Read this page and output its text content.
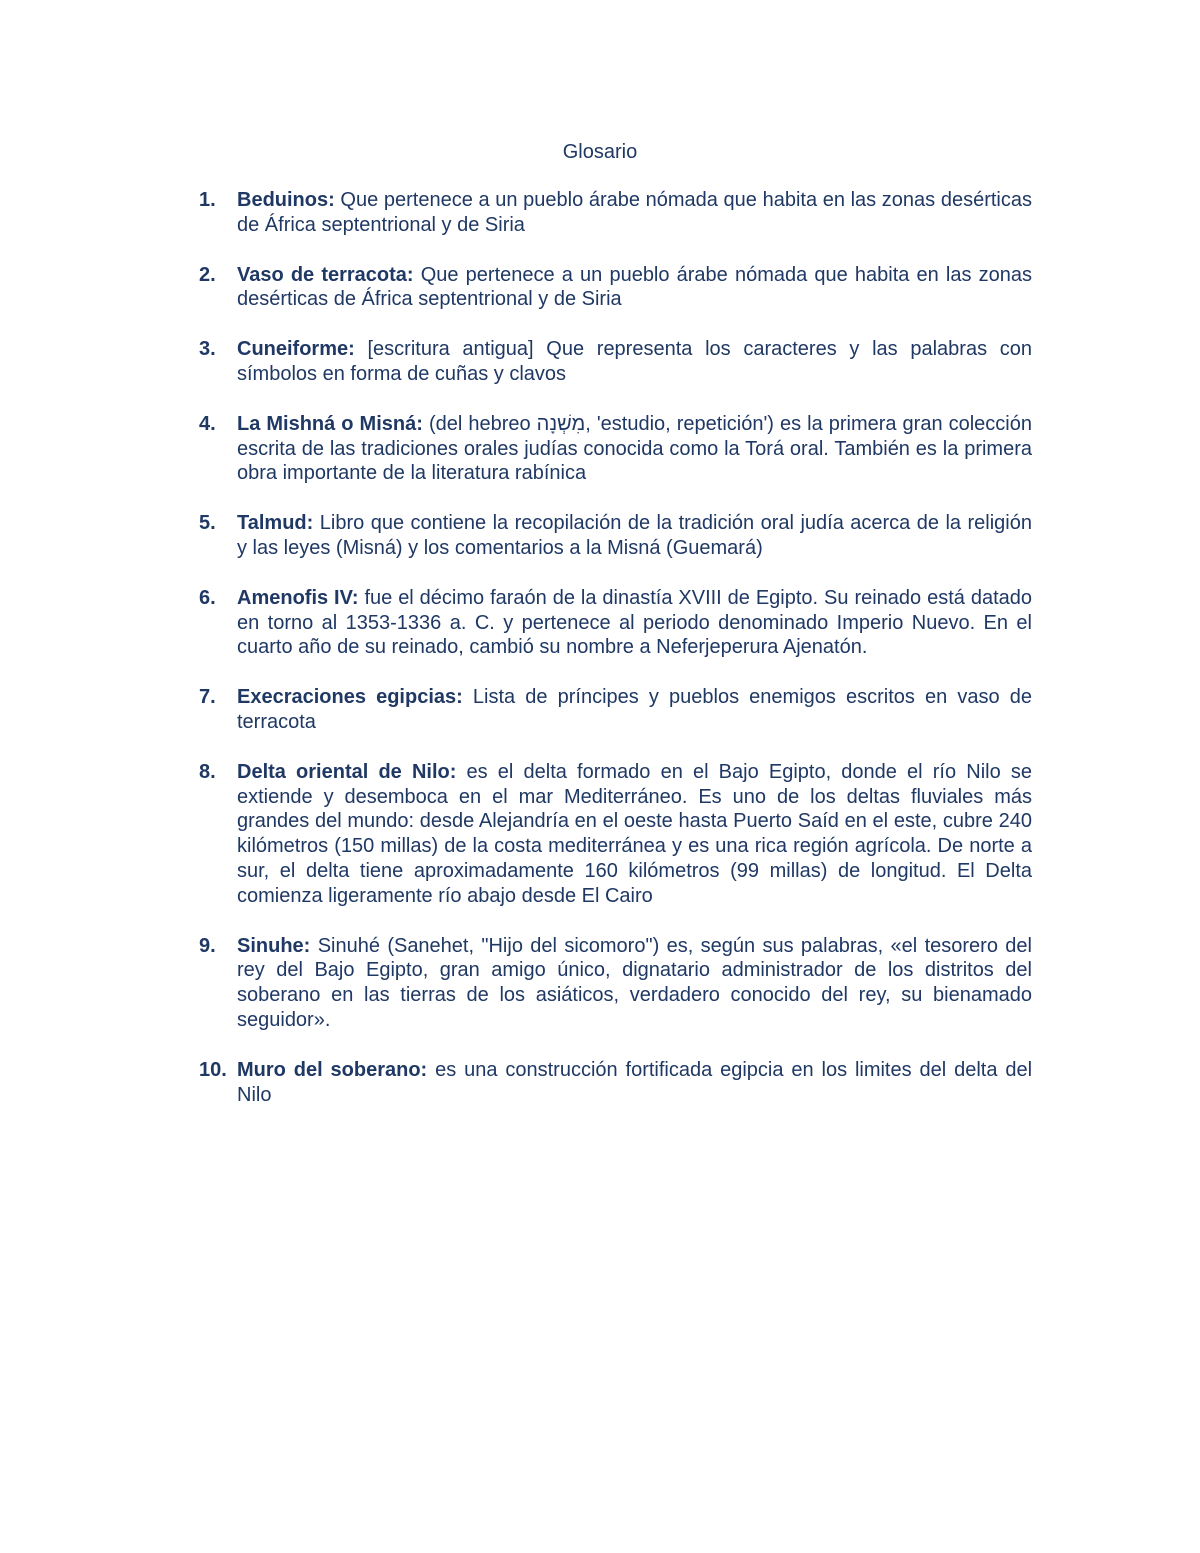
Glosario
1.	Beduinos: Que pertenece a un pueblo árabe nómada que habita en las zonas desérticas de África septentrional y de Siria
2.	Vaso de terracota: Que pertenece a un pueblo árabe nómada que habita en las zonas desérticas de África septentrional y de Siria
3.	Cuneiforme: [escritura antigua] Que representa los caracteres y las palabras con símbolos en forma de cuñas y clavos
4.	La Mishná o Misná: (del hebreo מִשְׁנָה, 'estudio, repetición') es la primera gran colección escrita de las tradiciones orales judías conocida como la Torá oral. También es la primera obra importante de la literatura rabínica
5.	Talmud: Libro que contiene la recopilación de la tradición oral judía acerca de la religión y las leyes (Misná) y los comentarios a la Misná (Guemará)
6.	Amenofis IV: fue el décimo faraón de la dinastía XVIII de Egipto. Su reinado está datado en torno al 1353-1336 a. C. y pertenece al periodo denominado Imperio Nuevo. En el cuarto año de su reinado, cambió su nombre a Neferjeperura Ajenatón.
7.	Execraciones egipcias: Lista de príncipes y pueblos enemigos escritos en vaso de terracota
8.	Delta oriental de Nilo: es el delta formado en el Bajo Egipto, donde el río Nilo se extiende y desemboca en el mar Mediterráneo. Es uno de los deltas fluviales más grandes del mundo: desde Alejandría en el oeste hasta Puerto Saíd en el este, cubre 240 kilómetros (150 millas) de la costa mediterránea y es una rica región agrícola. De norte a sur, el delta tiene aproximadamente 160 kilómetros (99 millas) de longitud. El Delta comienza ligeramente río abajo desde El Cairo
9.	Sinuhe: Sinuhé (Sanehet, "Hijo del sicomoro") es, según sus palabras, «el tesorero del rey del Bajo Egipto, gran amigo único, dignatario administrador de los distritos del soberano en las tierras de los asiáticos, verdadero conocido del rey, su bienamado seguidor».
10. Muro del soberano: es una construcción fortificada egipcia en los limites del delta del Nilo
